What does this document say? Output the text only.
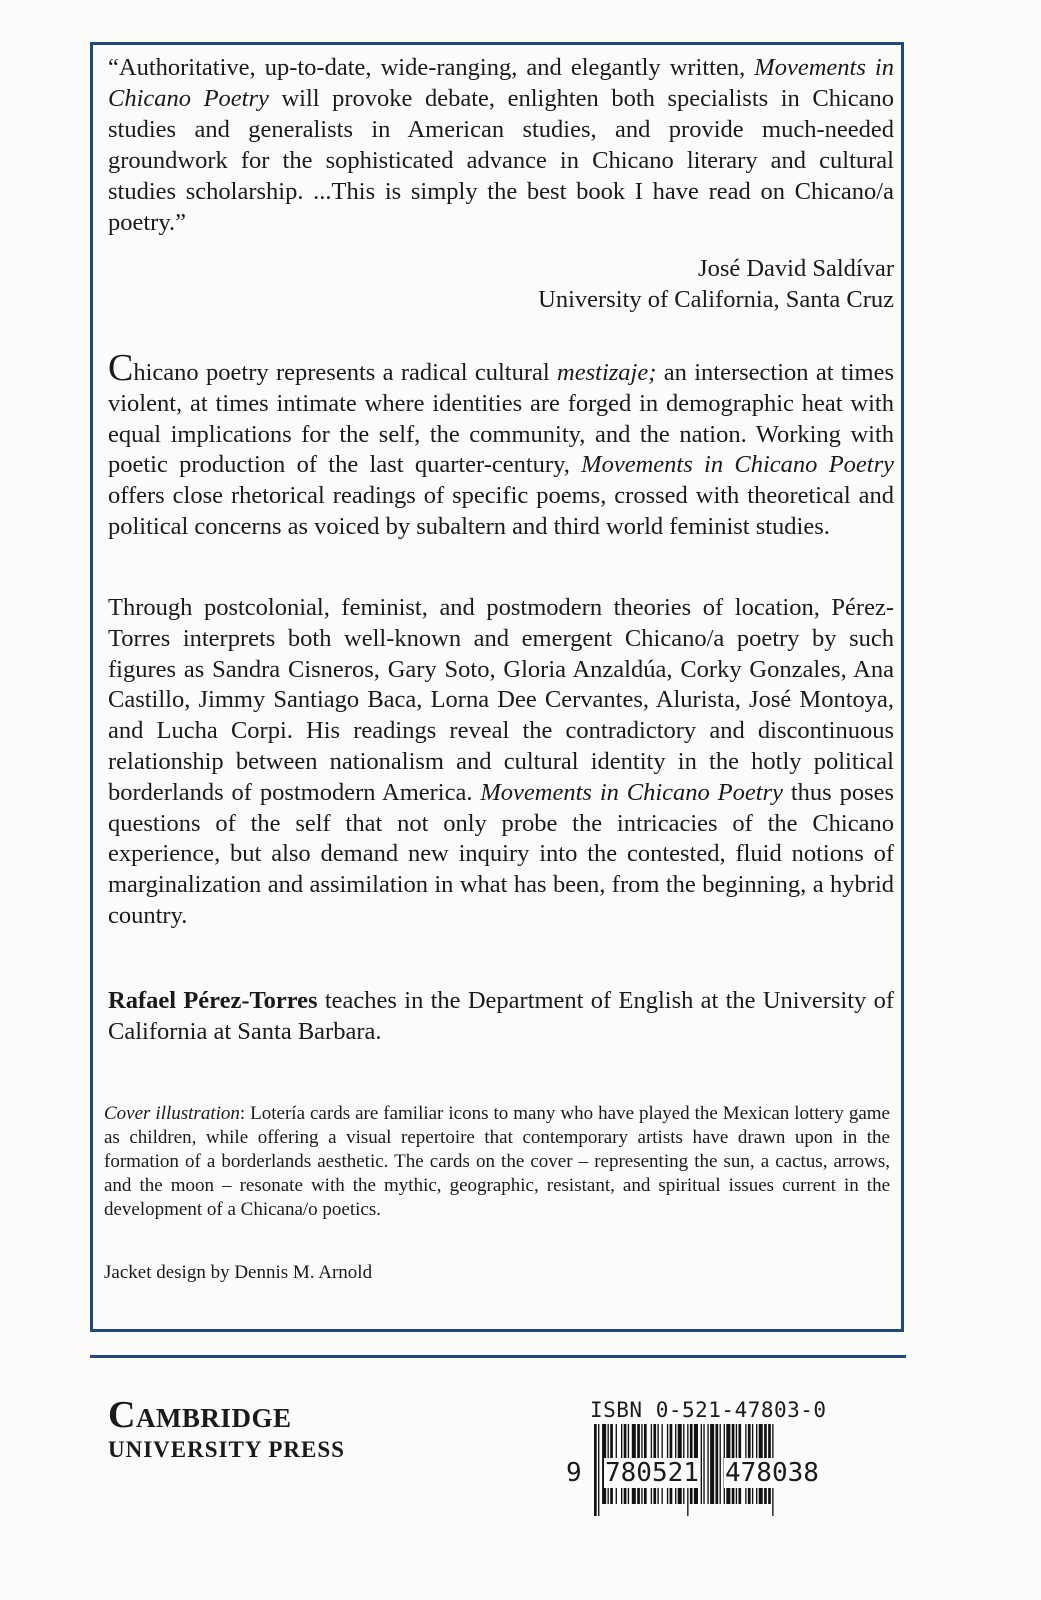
“Authoritative, up-to-date, wide-ranging, and elegantly written, Movements in Chicano Poetry will provoke debate, enlighten both specialists in Chicano studies and generalists in American studies, and provide much-needed groundwork for the sophisticated advance in Chicano literary and cultural studies scholarship. ...This is simply the best book I have read on Chicano/a poetry.”
José David Saldívar
University of California, Santa Cruz

Chicano poetry represents a radical cultural mestizaje; an intersection at times violent, at times intimate where identities are forged in demographic heat with equal implications for the self, the community, and the nation. Working with poetic production of the last quarter-century, Movements in Chicano Poetry offers close rhetorical readings of specific poems, crossed with theoretical and political concerns as voiced by subaltern and third world feminist studies.

Through postcolonial, feminist, and postmodern theories of location, Pérez-Torres interprets both well-known and emergent Chicano/a poetry by such figures as Sandra Cisneros, Gary Soto, Gloria Anzaldúa, Corky Gonzales, Ana Castillo, Jimmy Santiago Baca, Lorna Dee Cervantes, Alurista, José Montoya, and Lucha Corpi. His readings reveal the contradictory and discontinuous relationship between nationalism and cultural identity in the hotly political borderlands of postmodern America. Movements in Chicano Poetry thus poses questions of the self that not only probe the intricacies of the Chicano experience, but also demand new inquiry into the contested, fluid notions of marginalization and assimilation in what has been, from the beginning, a hybrid country.

Rafael Pérez-Torres teaches in the Department of English at the University of California at Santa Barbara.

Cover illustration: Lotería cards are familiar icons to many who have played the Mexican lottery game as children, while offering a visual repertoire that contemporary artists have drawn upon in the formation of a borderlands aesthetic. The cards on the cover – representing the sun, a cactus, arrows, and the moon – resonate with the mythic, geographic, resistant, and spiritual issues current in the development of a Chicana/o poetics.

Jacket design by Dennis M. Arnold
Cambridge
UNIVERSITY PRESS
ISBN 0-521-47803-0
9 780521 478038
